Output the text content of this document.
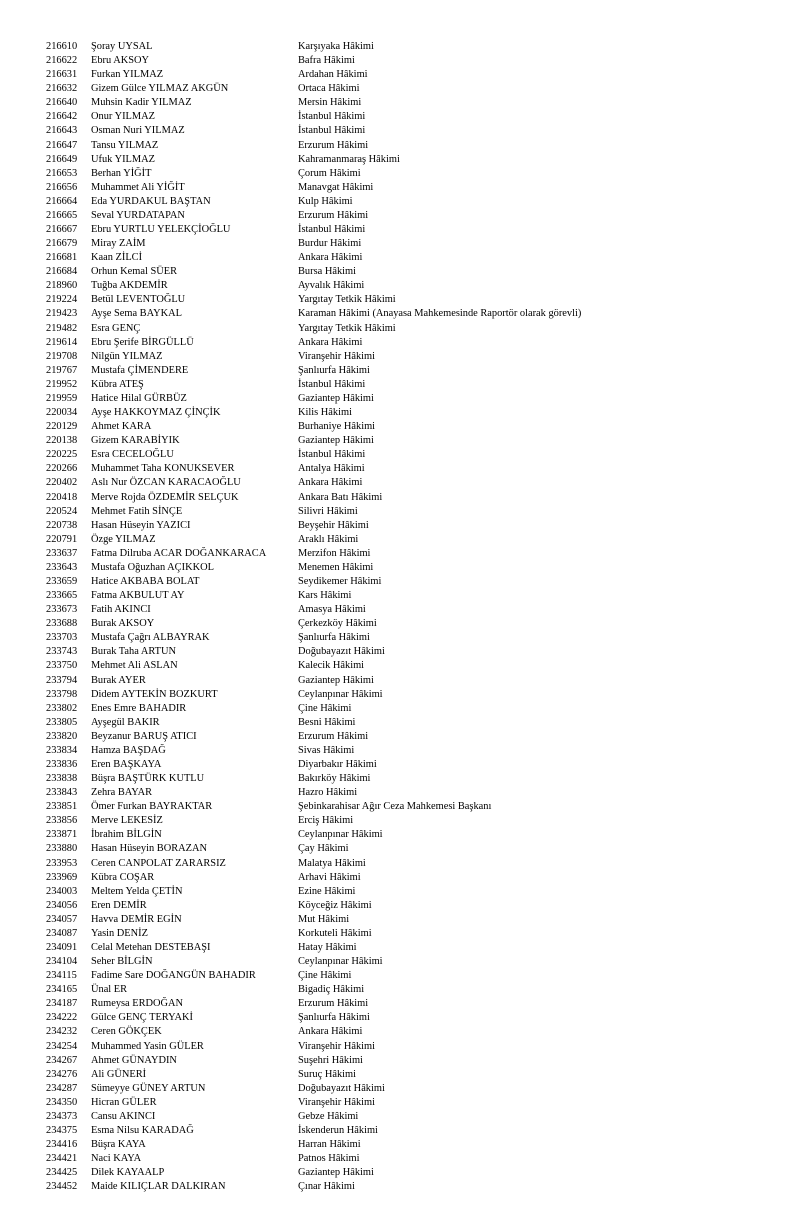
216610 Şoray UYSAL	Karşıyaka Hâkimi
216622 Ebru AKSOY	Bafra Hâkimi
216631 Furkan YILMAZ	Ardahan Hâkimi
216632 Gizem Gülce YILMAZ AKGÜN	Ortaca Hâkimi
216640 Muhsin Kadir YILMAZ	Mersin Hâkimi
216642 Onur YILMAZ	İstanbul Hâkimi
216643 Osman Nuri YILMAZ	İstanbul Hâkimi
216647 Tansu YILMAZ	Erzurum Hâkimi
216649 Ufuk YILMAZ	Kahramanmaraş Hâkimi
216653 Berhan YİĞİT	Çorum Hâkimi
216656 Muhammet Ali YİĞİT	Manavgat Hâkimi
216664 Eda YURDAKUL BAŞTAN	Kulp Hâkimi
216665 Seval YURDATAPAN	Erzurum Hâkimi
216667 Ebru YURTLU YELEKÇİOĞLU	İstanbul Hâkimi
216679 Miray ZAİM	Burdur Hâkimi
216681 Kaan ZİLCİ	Ankara Hâkimi
216684 Orhun Kemal SÜER	Bursa Hâkimi
218960 Tuğba AKDEMİR	Ayvalık Hâkimi
219224 Betül LEVENTOĞLU	Yargıtay Tetkik Hâkimi
219423 Ayşe Sema BAYKAL	Karaman Hâkimi (Anayasa Mahkemesinde Raportör olarak görevli)
219482 Esra GENÇ	Yargıtay Tetkik Hâkimi
219614 Ebru Şerife BİRGÜLLÜ	Ankara Hâkimi
219708 Nilgün YILMAZ	Viranşehir Hâkimi
219767 Mustafa ÇİMENDERE	Şanlıurfa Hâkimi
219952 Kübra ATEŞ	İstanbul Hâkimi
219959 Hatice Hilal GÜRBÜZ	Gaziantep Hâkimi
220034 Ayşe HAKKOYMAZ ÇİNÇİK	Kilis Hâkimi
220129 Ahmet KARA	Burhaniye Hâkimi
220138 Gizem KARABİYIK	Gaziantep Hâkimi
220225 Esra CECELOĞLU	İstanbul Hâkimi
220266 Muhammet Taha KONUKSEVER	Antalya Hâkimi
220402 Aslı Nur ÖZCAN KARACAOĞLU	Ankara Hâkimi
220418 Merve Rojda ÖZDEMİR SELÇUK	Ankara Batı Hâkimi
220524 Mehmet Fatih SİNÇE	Silivri Hâkimi
220738 Hasan Hüseyin YAZICI	Beyşehir Hâkimi
220791 Özge YILMAZ	Araklı Hâkimi
233637 Fatma Dilruba ACAR DOĞANKARACA	Merzifon Hâkimi
233643 Mustafa Oğuzhan AÇIKKOL	Menemen Hâkimi
233659 Hatice AKBABA BOLAT	Seydikemer Hâkimi
233665 Fatma AKBULUT AY	Kars Hâkimi
233673 Fatih AKINCI	Amasya Hâkimi
233688 Burak AKSOY	Çerkezköy Hâkimi
233703 Mustafa Çağrı ALBAYRAK	Şanlıurfa Hâkimi
233743 Burak Taha ARTUN	Doğubayazıt Hâkimi
233750 Mehmet Ali ASLAN	Kalecik Hâkimi
233794 Burak AYER	Gaziantep Hâkimi
233798 Didem AYTEKİN BOZKURT	Ceylanpınar Hâkimi
233802 Enes Emre BAHADIR	Çine Hâkimi
233805 Ayşegül BAKIR	Besni Hâkimi
233820 Beyzanur BARUŞ ATICI	Erzurum Hâkimi
233834 Hamza BAŞDAĞ	Sivas Hâkimi
233836 Eren BAŞKAYA	Diyarbakır Hâkimi
233838 Büşra BAŞTÜRK KUTLU	Bakırköy Hâkimi
233843 Zehra BAYAR	Hazro Hâkimi
233851 Ömer Furkan BAYRAKTAR	Şebinkarahisar Ağır Ceza Mahkemesi Başkanı
233856 Merve LEKESİZ	Erciş Hâkimi
233871 İbrahim BİLGİN	Ceylanpınar Hâkimi
233880 Hasan Hüseyin BORAZAN	Çay Hâkimi
233953 Ceren CANPOLAT ZARARSIZ	Malatya Hâkimi
233969 Kübra COŞAR	Arhavi Hâkimi
234003 Meltem Yelda ÇETİN	Ezine Hâkimi
234056 Eren DEMİR	Köyceğiz Hâkimi
234057 Havva DEMİR EGİN	Mut Hâkimi
234087 Yasin DENİZ	Korkuteli Hâkimi
234091 Celal Metehan DESTEBAŞI	Hatay Hâkimi
234104 Seher BİLGİN	Ceylanpınar Hâkimi
234115 Fadime Sare DOĞANGÜN BAHADIR	Çine Hâkimi
234165 Ünal ER	Bigadiç Hâkimi
234187 Rumeysa ERDOĞAN	Erzurum Hâkimi
234222 Gülce GENÇ TERYAKİ	Şanlıurfa Hâkimi
234232 Ceren GÖKÇEK	Ankara Hâkimi
234254 Muhammed Yasin GÜLER	Viranşehir Hâkimi
234267 Ahmet GÜNAYDIN	Suşehri Hâkimi
234276 Ali GÜNERİ	Suruç Hâkimi
234287 Sümeyye GÜNEY ARTUN	Doğubayazıt Hâkimi
234350 Hicran GÜLER	Viranşehir Hâkimi
234373 Cansu AKINCI	Gebze Hâkimi
234375 Esma Nilsu KARADAĞ	İskenderun Hâkimi
234416 Büşra KAYA	Harran Hâkimi
234421 Naci KAYA	Patnos Hâkimi
234425 Dilek KAYAALP	Gaziantep Hâkimi
234452 Maide KILIÇLAR DALKIRAN	Çınar Hâkimi
